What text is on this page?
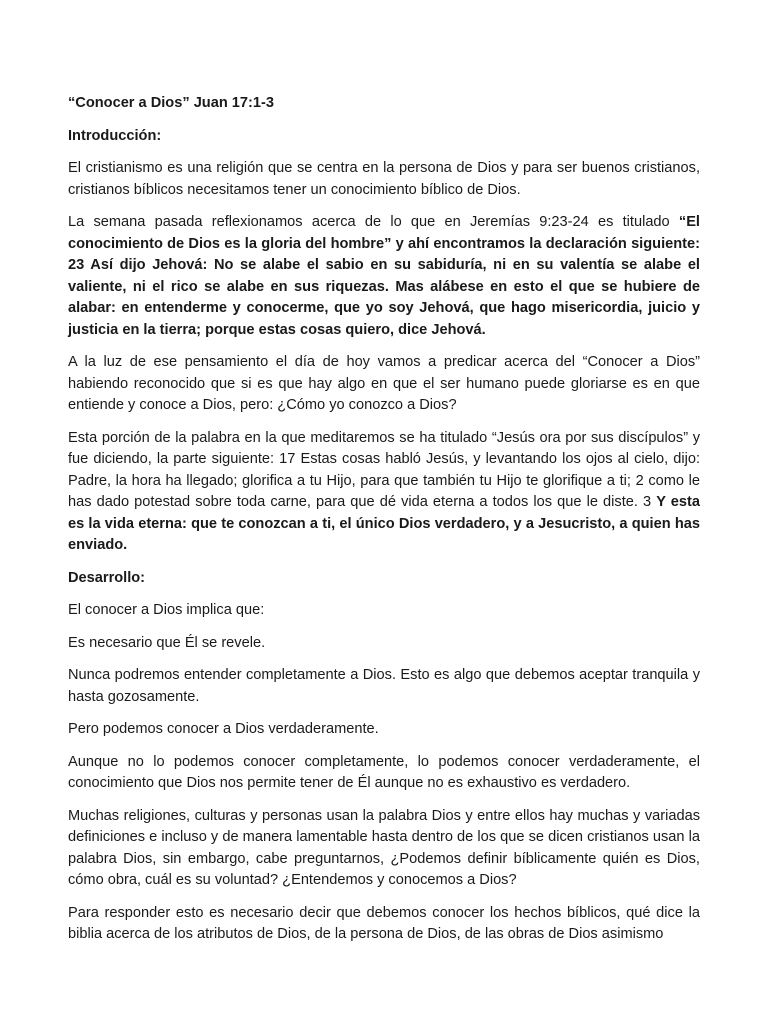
“Conocer a Dios” Juan 17:1-3

Introducción:

El cristianismo es una religión que se centra en la persona de Dios y para ser buenos cristianos, cristianos bíblicos necesitamos tener un conocimiento bíblico de Dios.

La semana pasada reflexionamos acerca de lo que en Jeremías 9:23-24 es titulado “El conocimiento de Dios es la gloria del hombre” y ahí encontramos la declaración siguiente: 23 Así dijo Jehová: No se alabe el sabio en su sabiduría, ni en su valentía se alabe el valiente, ni el rico se alabe en sus riquezas. Mas alábese en esto el que se hubiere de alabar: en entenderme y conocerme, que yo soy Jehová, que hago misericordia, juicio y justicia en la tierra; porque estas cosas quiero, dice Jehová.

A la luz de ese pensamiento el día de hoy vamos a predicar acerca del “Conocer a Dios” habiendo reconocido que si es que hay algo en que el ser humano puede gloriarse es en que entiende y conoce a Dios, pero: ¿Cómo yo conozco a Dios?

Esta porción de la palabra en la que meditaremos se ha titulado “Jesús ora por sus discípulos” y fue diciendo, la parte siguiente: 17 Estas cosas habló Jesús, y levantando los ojos al cielo, dijo: Padre, la hora ha llegado; glorifica a tu Hijo, para que también tu Hijo te glorifique a ti; 2 como le has dado potestad sobre toda carne, para que dé vida eterna a todos los que le diste. 3 Y esta es la vida eterna: que te conozcan a ti, el único Dios verdadero, y a Jesucristo, a quien has enviado.

Desarrollo:

El conocer a Dios implica que:

Es necesario que Él se revele.

Nunca podremos entender completamente a Dios. Esto es algo que debemos aceptar tranquila y hasta gozosamente.

Pero podemos conocer a Dios verdaderamente.

Aunque no lo podemos conocer completamente, lo podemos conocer verdaderamente, el conocimiento que Dios nos permite tener de Él aunque no es exhaustivo es verdadero.

Muchas religiones, culturas y personas usan la palabra Dios y entre ellos hay muchas y variadas definiciones e incluso y de manera lamentable hasta dentro de los que se dicen cristianos usan la palabra Dios, sin embargo, cabe preguntarnos, ¿Podemos definir bíblicamente quién es Dios, cómo obra, cuál es su voluntad? ¿Entendemos y conocemos a Dios?

Para responder esto es necesario decir que debemos conocer los hechos bíblicos, qué dice la biblia acerca de los atributos de Dios, de la persona de Dios, de las obras de Dios asimismo
